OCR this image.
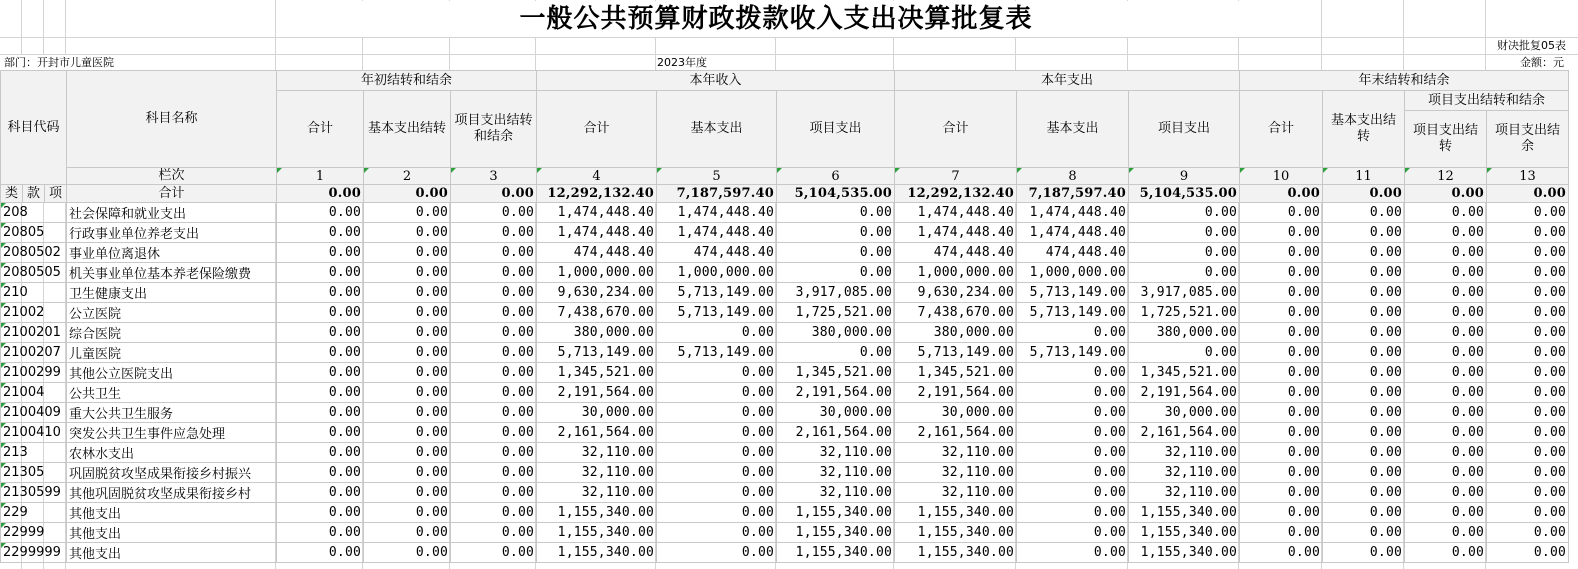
一般公共预算财政拨款收入支出决算批复表
财决批复05表
部门：开封市儿童医院	2023年度	金额：元
科目代码			科目名称	年初结转和结余			本年收入			本年支出			年末结转和结余			
				合计	基本支出结转	项目支出结转和结余	合计	基本支出	项目支出	合计	基本支出	项目支出	合计	基本支出结转	项目支出结转和结余	
															项目支出结转	项目支出结余
			栏次	1	2	3	4	5	6	7	8	9	10	11	12	13
类	款	项	合计	0.00	0.00	0.00	12,292,132.40	7,187,597.40	5,104,535.00	12,292,132.40	7,187,597.40	5,104,535.00	0.00	0.00	0.00	0.00

208			社会保障和就业支出	0.00	0.00	0.00	1,474,448.40	1,474,448.40	0.00	1,474,448.40	1,474,448.40	0.00	0.00	0.00	0.00	0.00

20805			行政事业单位养老支出	0.00	0.00	0.00	1,474,448.40	1,474,448.40	0.00	1,474,448.40	1,474,448.40	0.00	0.00	0.00	0.00	0.00

2080502			事业单位离退休	0.00	0.00	0.00	474,448.40	474,448.40	0.00	474,448.40	474,448.40	0.00	0.00	0.00	0.00	0.00

2080505			机关事业单位基本养老保险缴费	0.00	0.00	0.00	1,000,000.00	1,000,000.00	0.00	1,000,000.00	1,000,000.00	0.00	0.00	0.00	0.00	0.00

210			卫生健康支出	0.00	0.00	0.00	9,630,234.00	5,713,149.00	3,917,085.00	9,630,234.00	5,713,149.00	3,917,085.00	0.00	0.00	0.00	0.00

21002			公立医院	0.00	0.00	0.00	7,438,670.00	5,713,149.00	1,725,521.00	7,438,670.00	5,713,149.00	1,725,521.00	0.00	0.00	0.00	0.00

2100201			综合医院	0.00	0.00	0.00	380,000.00	0.00	380,000.00	380,000.00	0.00	380,000.00	0.00	0.00	0.00	0.00

2100207			儿童医院	0.00	0.00	0.00	5,713,149.00	5,713,149.00	0.00	5,713,149.00	5,713,149.00	0.00	0.00	0.00	0.00	0.00

2100299			其他公立医院支出	0.00	0.00	0.00	1,345,521.00	0.00	1,345,521.00	1,345,521.00	0.00	1,345,521.00	0.00	0.00	0.00	0.00

21004			公共卫生	0.00	0.00	0.00	2,191,564.00	0.00	2,191,564.00	2,191,564.00	0.00	2,191,564.00	0.00	0.00	0.00	0.00

2100409			重大公共卫生服务	0.00	0.00	0.00	30,000.00	0.00	30,000.00	30,000.00	0.00	30,000.00	0.00	0.00	0.00	0.00

2100410			突发公共卫生事件应急处理	0.00	0.00	0.00	2,161,564.00	0.00	2,161,564.00	2,161,564.00	0.00	2,161,564.00	0.00	0.00	0.00	0.00

213			农林水支出	0.00	0.00	0.00	32,110.00	0.00	32,110.00	32,110.00	0.00	32,110.00	0.00	0.00	0.00	0.00

21305			巩固脱贫攻坚成果衔接乡村振兴	0.00	0.00	0.00	32,110.00	0.00	32,110.00	32,110.00	0.00	32,110.00	0.00	0.00	0.00	0.00

2130599			其他巩固脱贫攻坚成果衔接乡村	0.00	0.00	0.00	32,110.00	0.00	32,110.00	32,110.00	0.00	32,110.00	0.00	0.00	0.00	0.00

229			其他支出	0.00	0.00	0.00	1,155,340.00	0.00	1,155,340.00	1,155,340.00	0.00	1,155,340.00	0.00	0.00	0.00	0.00

22999			其他支出	0.00	0.00	0.00	1,155,340.00	0.00	1,155,340.00	1,155,340.00	0.00	1,155,340.00	0.00	0.00	0.00	0.00

2299999			其他支出	0.00	0.00	0.00	1,155,340.00	0.00	1,155,340.00	1,155,340.00	0.00	1,155,340.00	0.00	0.00	0.00	0.00
